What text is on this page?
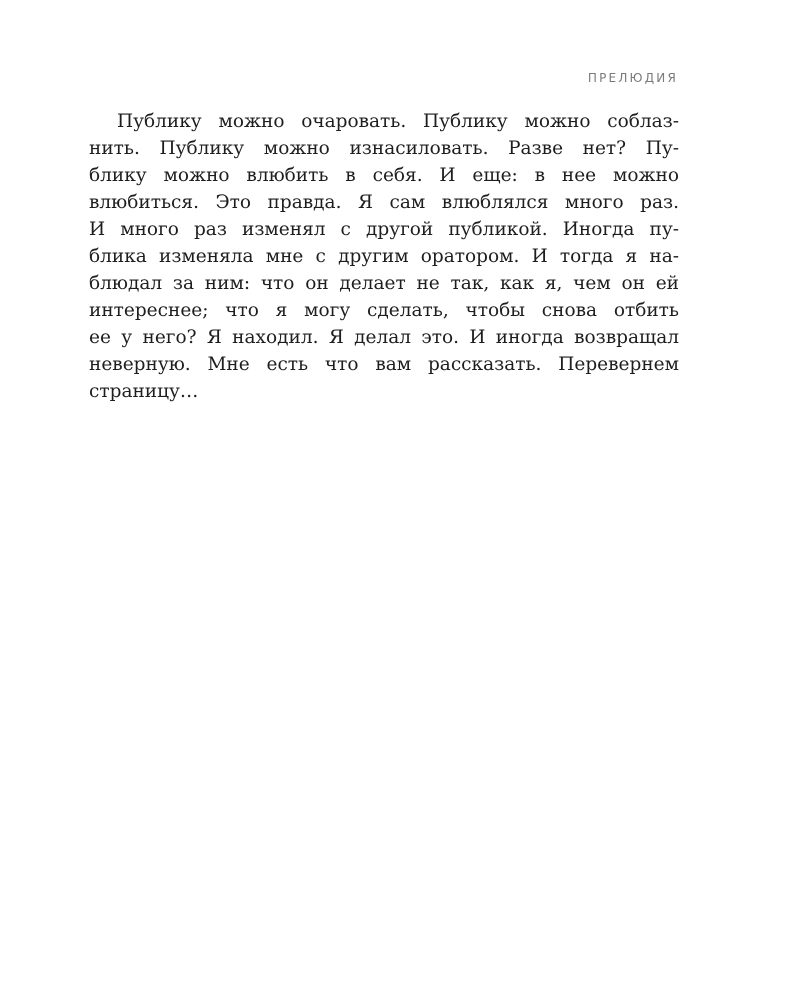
ПРЕЛЮДИЯ
Публику можно очаровать. Публику можно соблаз-
нить. Публику можно изнасиловать. Разве нет? Пу-
блику можно влюбить в себя. И еще: в нее можно
влюбиться. Это правда. Я сам влюблялся много раз.
И много раз изменял с другой публикой. Иногда пу-
блика изменяла мне с другим оратором. И тогда я на-
блюдал за ним: что он делает не так, как я, чем он ей
интереснее; что я могу сделать, чтобы снова отбить
ее у него? Я находил. Я делал это. И иногда возвращал
неверную. Мне есть что вам рассказать. Перевернем
страницу…
